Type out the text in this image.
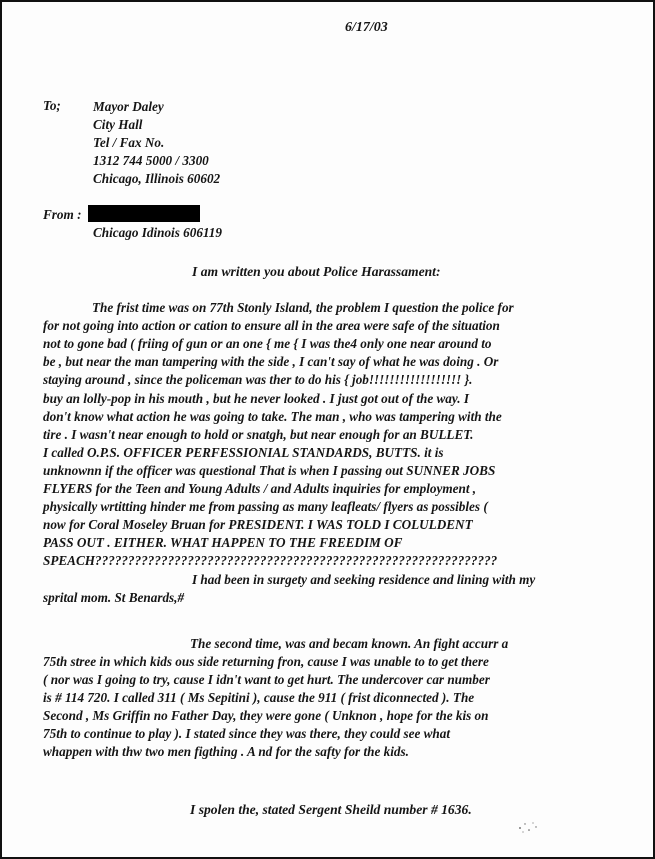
6/17/03
To; Mayor Daley
City Hall
Tel / Fax No.
1312 744 5000 / 3300
Chicago, Illinois 60602
From :
Chicago Idinois 606119
I am written you about Police Harassament:
The frist time was on 77th Stonly Island, the problem I question the police for
for not going into action or cation to ensure all in the area were safe of the situation
not to gone bad ( friing of gun or an one { me { I was the4 only one near around to
be , but near the man tampering with the side , I can't say of what he was doing . Or
staying around , since the policeman was ther to do his { job!!!!!!!!!!!!!!!!!! }.
buy an lolly-pop in his mouth , but he never looked . I just got out of the way. I
don't know what action he was going to take. The man , who was tampering with the
tire . I wasn't near enough to hold or snatgh, but near enough for an BULLET.
I called O.P.S. OFFICER PERFESSIONIAL STANDARDS, BUTTS. it is
unknownn if the officer was questional That is when I passing out SUNNER JOBS
FLYERS for the Teen and Young Adults / and Adults inquiries for employment ,
physically wrtitting hinder me from passing as many leafleats/ flyers as possibles (
now for Coral Moseley Bruan for PRESIDENT. I WAS TOLD I COLULDENT
PASS OUT . EITHER. WHAT HAPPEN TO THE FREEDIM OF
SPEACH?????????????????????????????????????????????????????????????
I had been in surgety and seeking residence and lining with my
sprital mom. St Benards,#
The second time, was and becam known. An fight accurr a
75th stree in which kids ous side returning fron, cause I was unable to to get there
( nor was I going to try, cause I idn't want to get hurt. The undercover car number
is # 114 720. I called 311 ( Ms Sepitini ), cause the 911 ( frist diconnected ). The
Second , Ms Griffin no Father Day, they were gone ( Unknon , hope for the kis on
75th to continue to play ). I stated since they was there, they could see what
whappen with thw two men figthing . A nd for the safty for the kids.
I spolen the, stated Sergent Sheild number # 1636.
